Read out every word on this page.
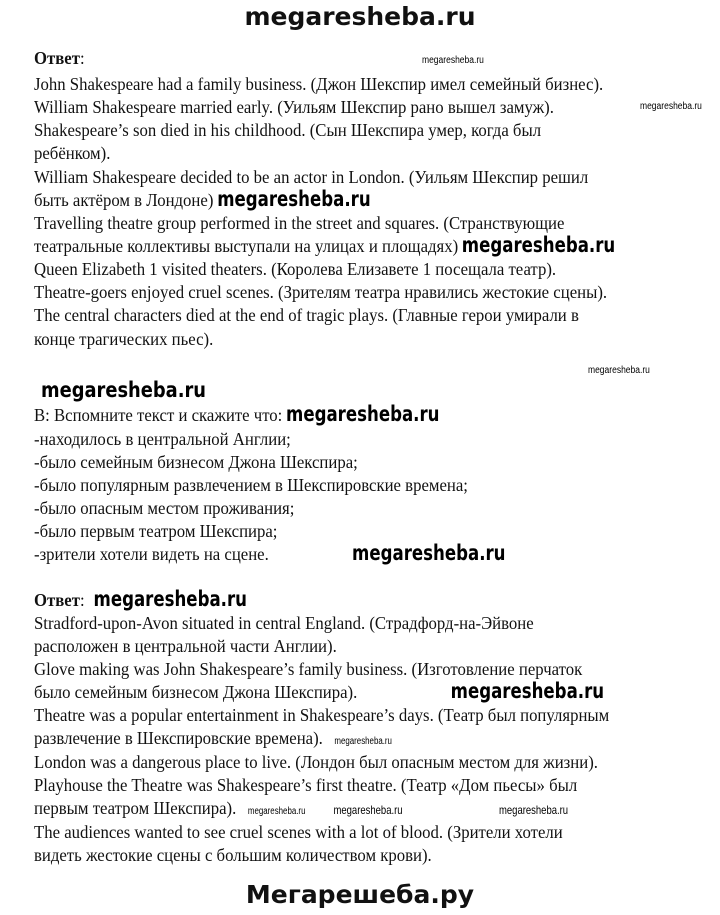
megaresheba.ru
Ответ:	megaresheba.ru
John Shakespeare had a family business. (Джон Шекспир имел семейный бизнес).
William Shakespeare married early. (Уильям Шекспир рано вышел замуж).	megaresheba.ru
Shakespeare’s son died in his childhood. (Сын Шекспира умер, когда был
ребёнком).
William Shakespeare decided to be an actor in London. (Уильям Шекспир решил
быть актёром в Лондоне) megaresheba.ru
Travelling theatre group performed in the street and squares. (Странствующие
театральные коллективы выступали на улицах и площадях) megaresheba.ru
Queen Elizabeth 1 visited theaters. (Королева Елизавете 1 посещала театр).
Theatre-goers enjoyed cruel scenes. (Зрителям театра нравились жестокие сцены).
The central characters died at the end of tragic plays. (Главные герои умирали в
конце трагических пьес).
megaresheba.ru
megaresheba.ru
B: Вспомните текст и скажите что: megaresheba.ru
-находилось в центральной Англии;
-было семейным бизнесом Джона Шекспира;
-было популярным развлечением в Шекспировские времена;
-было опасным местом проживания;
-было первым театром Шекспира;
-зрители хотели видеть на сцене.	megaresheba.ru
Ответ: megaresheba.ru
Stradford-upon-Avon situated in central England. (Страдфорд-на-Эйвоне
расположен в центральной части Англии).
Glove making was John Shakespeare’s family business. (Изготовление перчаток
было семейным бизнесом Джона Шекспира).	megaresheba.ru
Theatre was a popular entertainment in Shakespeare’s days. (Театр был популярным
развлечение в Шекспировские времена). megaresheba.ru
London was a dangerous place to live. (Лондон был опасным местом для жизни).
Playhouse the Theatre was Shakespeare’s first theatre. (Театр «Дом пьесы» был
первым театром Шекспира). megaresheba.ru megaresheba.ru	megaresheba.ru
The audiences wanted to see cruel scenes with a lot of blood. (Зрители хотели
видеть жестокие сцены с большим количеством крови).
Мегарешеба.ру
